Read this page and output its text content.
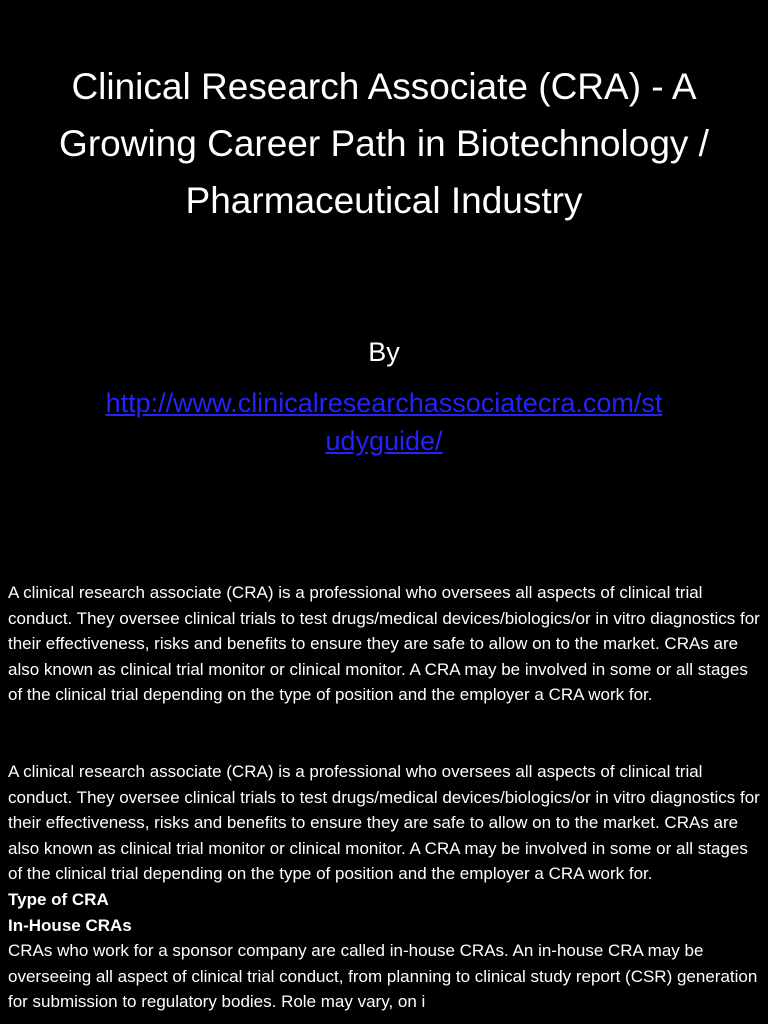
Clinical Research Associate (CRA) - A Growing Career Path in Biotechnology / Pharmaceutical Industry
By
http://www.clinicalresearchassociatecra.com/studyguide/

A clinical research associate (CRA) is a professional who oversees all aspects of clinical trial conduct. They oversee clinical trials to test drugs/medical devices/biologics/or in vitro diagnostics for their effectiveness, risks and benefits to ensure they are safe to allow on to the market. CRAs are also known as clinical trial monitor or clinical monitor. A CRA may be involved in some or all stages of the clinical trial depending on the type of position and the employer a CRA work for.

A clinical research associate (CRA) is a professional who oversees all aspects of clinical trial conduct. They oversee clinical trials to test drugs/medical devices/biologics/or in vitro diagnostics for their effectiveness, risks and benefits to ensure they are safe to allow on to the market. CRAs are also known as clinical trial monitor or clinical monitor. A CRA may be involved in some or all stages of the clinical trial depending on the type of position and the employer a CRA work for.

Type of CRA

In-House CRAs

CRAs who work for a sponsor company are called in-house CRAs. An in-house CRA may be overseeing all aspect of clinical trial conduct, from planning to clinical study report (CSR) generation for submission to regulatory bodies. Role may vary, on i
